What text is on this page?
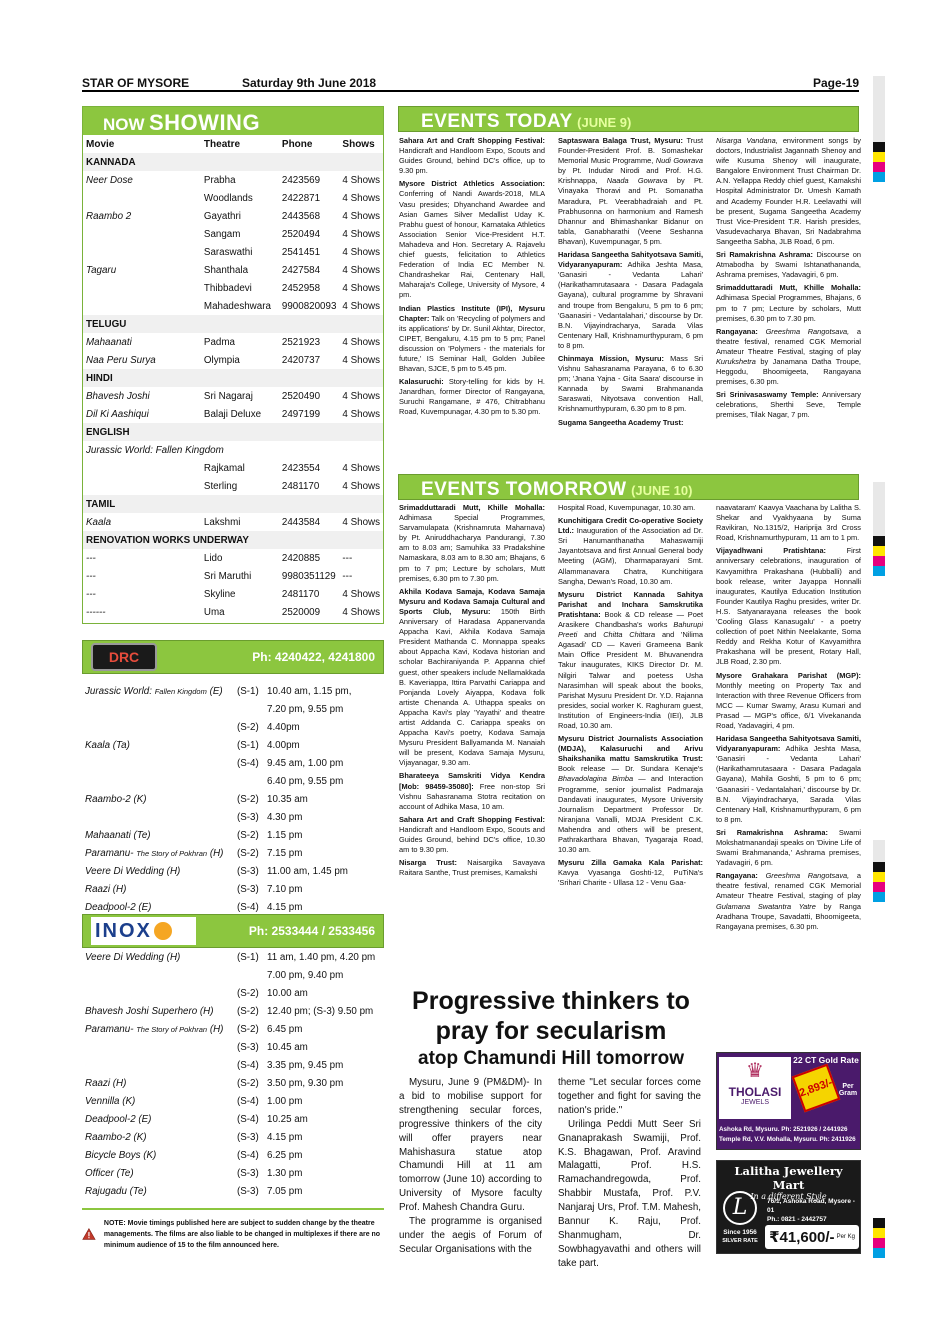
STAR OF MYSORE	Saturday 9th June 2018	Page-19
NOW SHOWING
Movie	Theatre	Phone	Shows
KANNADA			
Neer Dose	Prabha	2423569	4 Shows
	Woodlands	2422871	4 Shows
Raambo 2	Gayathri	2443568	4 Shows
	Sangam	2520494	4 Shows
	Saraswathi	2541451	4 Shows
Tagaru	Shanthala	2427584	4 Shows
	Thibbadevi	2452958	4 Shows
	Mahadeshwara	9900820093	4 Shows
TELUGU			
Mahaanati	Padma	2521923	4 Shows
Naa Peru Surya	Olympia	2420737	4 Shows
HINDI			
Bhavesh Joshi	Sri Nagaraj	2520490	4 Shows
Dil Ki Aashiqui	Balaji Deluxe	2497199	4 Shows
ENGLISH			
Jurassic World: Fallen Kingdom			
	Rajkamal	2423554	4 Shows
	Sterling	2481170	4 Shows
TAMIL			
Kaala	Lakshmi	2443584	4 Shows
RENOVATION WORKS UNDERWAY			
---	Lido	2420885	---
---	Sri Maruthi	9980351129	---
---	Skyline	2481170	4 Shows
------	Uma	2520009	4 Shows
DRC	Ph: 4240422, 4241800
Jurassic World: Fallen Kingdom (E)	(S-1)	10.40 am, 1.15 pm,
		7.20 pm, 9.55 pm
	(S-2)	4.40pm
Kaala (Ta)	(S-1)	4.00pm
	(S-4)	9.45 am, 1.00 pm
		6.40 pm, 9.55 pm
Raambo-2 (K)	(S-2)	10.35 am
	(S-3)	4.30 pm
Mahaanati (Te)	(S-2)	1.15 pm
Paramanu- The Story of Pokhran (H)	(S-2)	7.15 pm
Veere Di Wedding (H)	(S-3)	11.00 am, 1.45 pm
Raazi (H)	(S-3)	7.10 pm
Deadpool-2 (E)	(S-4)	4.15 pm
INOX	Ph: 2533444 / 2533456
Veere Di Wedding (H)	(S-1)	11 am, 1.40 pm, 4.20 pm
		7.00 pm, 9.40 pm
	(S-2)	10.00 am
Bhavesh Joshi Superhero (H)	(S-2)	12.40 pm; (S-3) 9.50 pm
Paramanu- The Story of Pokhran (H)	(S-2)	6.45 pm
	(S-3)	10.45 am
	(S-4)	3.35 pm, 9.45 pm
Raazi (H)	(S-2)	3.50 pm, 9.30 pm
Vennilla (K)	(S-4)	1.00 pm
Deadpool-2 (E)	(S-4)	10.25 am
Raambo-2 (K)	(S-3)	4.15 pm
Bicycle Boys (K)	(S-4)	6.25 pm
Officer (Te)	(S-3)	1.30 pm
Rajugadu (Te)	(S-3)	7.05 pm
NOTE: Movie timings published here are subject to sudden change by the theatre managements. The films are also liable to be changed in multiplexes if there are no minimum audience of 15 to the film announced here.
EVENTS TODAY (JUNE 9)

Sahara Art and Craft Shopping Festival: Handicraft and Handloom Expo, Scouts and Guides Ground, behind DC's office, up to 9.30 pm.

Mysore District Athletics Association: Conferring of Nandi Awards-2018, MLA Vasu presides; Dhyanchand Awardee and Asian Games Silver Medallist Uday K. Prabhu guest of honour, Karnataka Athletics Association Senior Vice-President H.T. Mahadeva and Hon. Secretary A. Rajavelu chief guests, felicitation to Athletics Federation of India EC Member N. Chandrashekar Rai, Centenary Hall, Maharaja's College, University of Mysore, 4 pm.

Indian Plastics Institute (IPI), Mysuru Chapter: Talk on 'Recycling of polymers and its applications' by Dr. Sunil Akhtar, Director, CIPET, Bengaluru, 4.15 pm to 5 pm; Panel discussion on 'Polymers - the materials for future,' IS Seminar Hall, Golden Jubilee Bhavan, SJCE, 5 pm to 5.45 pm.

Kalasuruchi: Story-telling for kids by H. Janardhan, former Director of Rangayana, Suruchi Rangamane, # 476, Chitrabhanu Road, Kuvempunagar, 4.30 pm to 5.30 pm.

Saptaswara Balaga Trust, Mysuru: Trust Founder-President Prof. B. Somashekar Memorial Music Programme, Nudi Gowrava by Pt. Indudar Nirodi and Prof. H.G. Krishnappa, Naada Gowrava by Pt. Vinayaka Thoravi and Pt. Somanatha Maradura, Pt. Veerabhadraiah and Pt. Prabhusonna on harmonium and Ramesh Dhannur and Bhimashankar Bidanur on tabla, Ganabharathi (Veene Seshanna Bhavan), Kuvempunagar, 5 pm.

Haridasa Sangeetha Sahityotsava Samiti, Vidyaranyapuram: Adhika Jeshta Masa, 'Ganasiri - Vedanta Lahari' (Harikathamrutasaara - Dasara Padagala Gayana), cultural programme by Shravani and troupe from Bengaluru, 5 pm to 6 pm; 'Gaanasiri - Vedantalahari,' discourse by Dr. B.N. Vijayindracharya, Sarada Vilas Centenary Hall, Krishnamurthypuram, 6 pm to 8 pm.

Chinmaya Mission, Mysuru: Mass Sri Vishnu Sahasranama Parayana, 6 to 6.30 pm; 'Jnana Yajna - Gita Saara' discourse in Kannada by Swami Brahmananda Saraswati, Nityotsava convention Hall, Krishnamurthypuram, 6.30 pm to 8 pm.

Sugama Sangeetha Academy Trust:

Nisarga Vandana, environment songs by doctors, Industrialist Jagannath Shenoy and wife Kusuma Shenoy will inaugurate, Bangalore Environment Trust Chairman Dr. A.N. Yellappa Reddy chief guest, Kamakshi Hospital Administrator Dr. Umesh Kamath and Academy Founder H.R. Leelavathi will be present, Sugama Sangeetha Academy Trust Vice-President T.R. Harish presides, Vasudevacharya Bhavan, Sri Nadabrahma Sangeetha Sabha, JLB Road, 6 pm.

Sri Ramakrishna Ashrama: Discourse on Atmabodha by Swami Ishtanathananda, Ashrama premises, Yadavagiri, 6 pm.

Srimadduttaradi Mutt, Khille Mohalla: Adhimasa Special Programmes, Bhajans, 6 pm to 7 pm; Lecture by scholars, Mutt premises, 6.30 pm to 7.30 pm.

Rangayana: Greeshma Rangotsava, a theatre festival, renamed CGK Memorial Amateur Theatre Festival, staging of play Kurukshetra by Janamana Datha Troupe, Heggodu, Bhoomigeeta, Rangayana premises, 6.30 pm.

Sri Srinivasaswamy Temple: Anniversary celebrations, Sherthi Seve, Temple premises, Tilak Nagar, 7 pm.

EVENTS TOMORROW (JUNE 10)

Srimadduttaradi Mutt, Khille Mohalla: Adhimasa Special Programmes, Sarvamulapata (Krishnamruta Maharnava) by Pt. Aniruddhacharya Pandurangi, 7.30 am to 8.03 am; Samuhika 33 Pradakshine Namaskara, 8.03 am to 8.30 am; Bhajans, 6 pm to 7 pm; Lecture by scholars, Mutt premises, 6.30 pm to 7.30 pm.

Akhila Kodava Samaja, Kodava Samaja Mysuru and Kodava Samaja Cultural and Sports Club, Mysuru: 150th Birth Anniversary of Haradasa Appanervanda Appacha Kavi, Akhila Kodava Samaja President Mathanda C. Monnappa speaks about Appacha Kavi, Kodava historian and scholar Bachiraniyanda P. Appanna chief guest, other speakers include Nellamakkada B. Kaveriappa, Ittira Parvathi Cariappa and Ponjanda Lovely Aiyappa, Kodava folk artiste Chenanda A. Uthappa speaks on Appacha Kavi's play 'Yayathi' and theatre artist Addanda C. Cariappa speaks on Appacha Kavi's poetry, Kodava Samaja Mysuru President Ballyamanda M. Nanaiah will be present, Kodava Samaja Mysuru, Vijayanagar, 9.30 am.

Bharateeya Samskriti Vidya Kendra [Mob: 98459-35080]: Free non-stop Sri Vishnu Sahasranama Stotra recitation on account of Adhika Masa, 10 am.

Sahara Art and Craft Shopping Festival: Handicraft and Handloom Expo, Scouts and Guides Ground, behind DC's office, 10.30 am to 9.30 pm.

Nisarga Trust: Naisargika Savayava Raitara Santhe, Trust premises, Kamakshi

Hospital Road, Kuvempunagar, 10.30 am.

Kunchitigara Credit Co-operative Society Ltd.: Inauguration of the Association ad Dr. Sri Hanumanthanatha Mahaswamiji Jayantotsava and first Annual General body Meeting (AGM), Dharmaparayani Smt. Allammanavara Chatra, Kunchitigara Sangha, Dewan's Road, 10.30 am.

Mysuru District Kannada Sahitya Parishat and Inchara Samskrutika Pratishtana: Book & CD release — Poet Arasikere Chandbasha's works Bahurupi Preeti and Chitta Chittara and 'Nilima Agasadi' CD — Kaveri Grameena Bank Main Office President M. Bhuvanendra Takur inaugurates, KIKS Director Dr. M. Nilgiri Talwar and poetess Usha Narasimhan will speak about the books, Parishat Mysuru President Dr. Y.D. Rajanna presides, social worker K. Raghuram guest, Institution of Engineers-India (IEI), JLB Road, 10.30 am.

Mysuru District Journalists Association (MDJA), Kalasuruchi and Arivu Shaikshanika mattu Samskrutika Trust: Book release — Dr. Sundara Kenaje's Bhavadolagina Bimba — and Interaction Programme, senior journalist Padmaraja Dandavati inaugurates, Mysore University Journalism Department Professor Dr. Niranjana Vanalli, MDJA President C.K. Mahendra and others will be present, Pathrakarthara Bhavan, Tyagaraja Road, 10.30 am.

Mysuru Zilla Gamaka Kala Parishat: Kavya Vyasanga Goshti-12, PuTiNa's 'Srihari Charite - Ullasa 12 - Venu Gaa-

naavataram' Kaavya Vaachana by Lalitha S. Shekar and Vyakhyaana by Suma Ravikiran, No.1315/2, Hariprija 3rd Cross Road, Krishnamurthypuram, 11 am to 1 pm.

Vijayadhwani Pratishtana: First anniversary celebrations, inauguration of Kavyamithra Prakashana (Hubballi) and book release, writer Jayappa Honnalli inaugurates, Kautilya Education Institution Founder Kautilya Raghu presides, writer Dr. H.S. Satyanarayana releases the book 'Cooling Glass Kanasugalu' - a poetry collection of poet Nithin Neelakante, Soma Reddy and Rekha Kotur of Kavyamithra Prakashana will be present, Rotary Hall, JLB Road, 2.30 pm.

Mysore Grahakara Parishat (MGP): Monthly meeting on Property Tax and Interaction with three Revenue Officers from MCC — Kumar Swamy, Arasu Kumari and Prasad — MGP's office, 6/1 Vivekananda Road, Yadavagiri, 4 pm.

Haridasa Sangeetha Sahityotsava Samiti, Vidyaranyapuram: Adhika Jeshta Masa, 'Ganasiri - Vedanta Lahari' (Harikathamrutasaara - Dasara Padagala Gayana), Mahila Goshti, 5 pm to 6 pm; 'Gaanasiri - Vedantalahari,' discourse by Dr. B.N. Vijayindracharya, Sarada Vilas Centenary Hall, Krishnamurthypuram, 6 pm to 8 pm.

Sri Ramakrishna Ashrama: Swami Mokshatmanandaji speaks on 'Divine Life of Swami Brahmananda,' Ashrama premises, Yadavagiri, 6 pm.

Rangayana: Greeshma Rangotsava, a theatre festival, renamed CGK Memorial Amateur Theatre Festival, staging of play Gulamana Swatantra Yatre by Ranga Aradhana Troupe, Savadatti, Bhoomigeeta, Rangayana premises, 6.30 pm.

Progressive thinkers to
pray for secularism
atop Chamundi Hill tomorrow

Mysuru, June 9 (PM&DM)- In a bid to mobilise support for strengthening secular forces, progressive thinkers of the city will offer prayers near Mahishasura statue atop Chamundi Hill at 11 am tomorrow (June 10) according to University of Mysore faculty Prof. Mahesh Chandra Guru.

The programme is organised under the aegis of Forum of Secular Organisations with the

theme "Let secular forces come together and fight for saving the nation's pride."

Urilinga Peddi Mutt Seer Sri Gnanaprakash Swamiji, Prof. K.S. Bhagawan, Prof. Aravind Malagatti, Prof. H.S. Ramachandregowda, Prof. Shabbir Mustafa, Prof. P.V. Nanjaraj Urs, Prof. T.M. Mahesh, Bannur K. Raju, Prof. Shanmugham, Dr. Sowbhagyavathi and others will take part.

♛
THOLASI
JEWELS
22 CT Gold Rate
2,893/-	Per Gram
Ashoka Rd, Mysuru. Ph: 2521926 / 2441926
Temple Rd, V.V. Mohalla, Mysuru. Ph: 2411926
Lalitha Jewellery Mart
In a different Style
L	76/1, Ashoka Road, Mysore - 01
Ph.: 0821 - 2442757
Since 1956
SILVER RATE ₹41,600/- Per Kg
